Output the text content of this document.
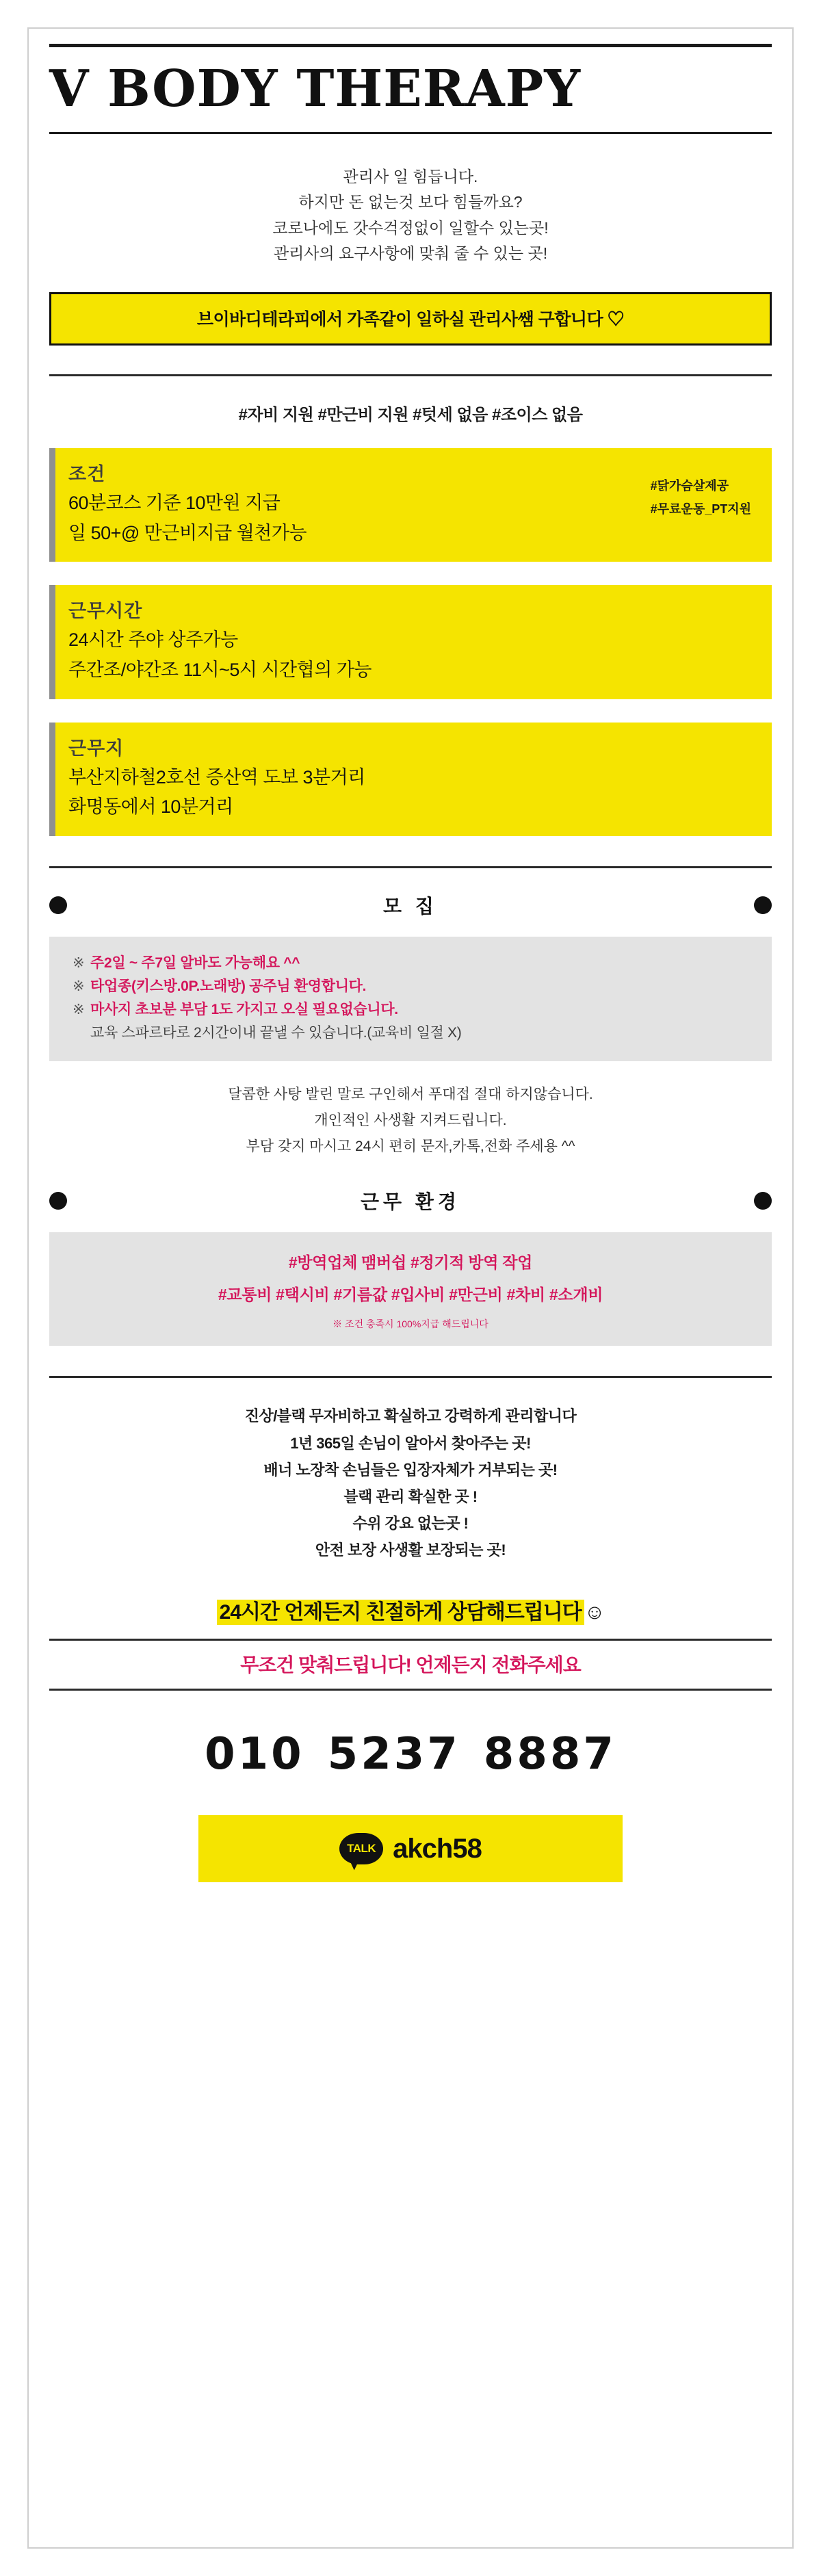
V BODY THERAPY
관리사 일 힘듭니다.
하지만 돈 없는것 보다 힘들까요?
코로나에도 갓수걱정없이 일할수 있는곳!
관리사의 요구사항에 맞춰 줄 수 있는 곳!
브이바디테라피에서 가족같이 일하실 관리사쌤 구합니다 ♡
#자비 지원 #만근비 지원 #텃세 없음 #조이스 없음
조건

60분코스 기준 10만원 지급

일 50+@ 만근비지급 월천가능

#닭가슴살제공
#무료운동_PT지원
근무시간

24시간 주야 상주가능

주간조/야간조 11시~5시 시간협의 가능

근무지

부산지하철2호선 증산역 도보 3분거리

화명동에서 10분거리

모 집
※ 주2일 ~ 주7일 알바도 가능해요 ^^
※ 타업종(키스방.0P.노래방) 공주님 환영합니다.
※ 마사지 초보분 부담 1도 가지고 오실 필요없습니다.
교육 스파르타로 2시간이내 끝낼 수 있습니다.(교육비 일절 X)
달콤한 사탕 발린 말로 구인해서 푸대접 절대 하지않습니다.
개인적인 사생활 지켜드립니다.
부담 갖지 마시고 24시 편히 문자,카톡,전화 주세용 ^^
근무 환경
#방역업체 맴버쉽 #정기적 방역 작업
#교통비 #택시비 #기름값 #입사비 #만근비 #차비 #소개비
※ 조건 충족시 100%지급 해드립니다
진상/블랙 무자비하고 확실하고 강력하게 관리합니다
1년 365일 손님이 알아서 찾아주는 곳!
배너 노장착 손님들은 입장자체가 거부되는 곳!
블랙 관리 확실한 곳 !
수위 강요 없는곳 !
안전 보장 사생활 보장되는 곳!
24시간 언제든지 친절하게 상담해드립니다 ☺
무조건 맞춰드립니다! 언제든지 전화주세요
010 5237 8887
TALK akch58
